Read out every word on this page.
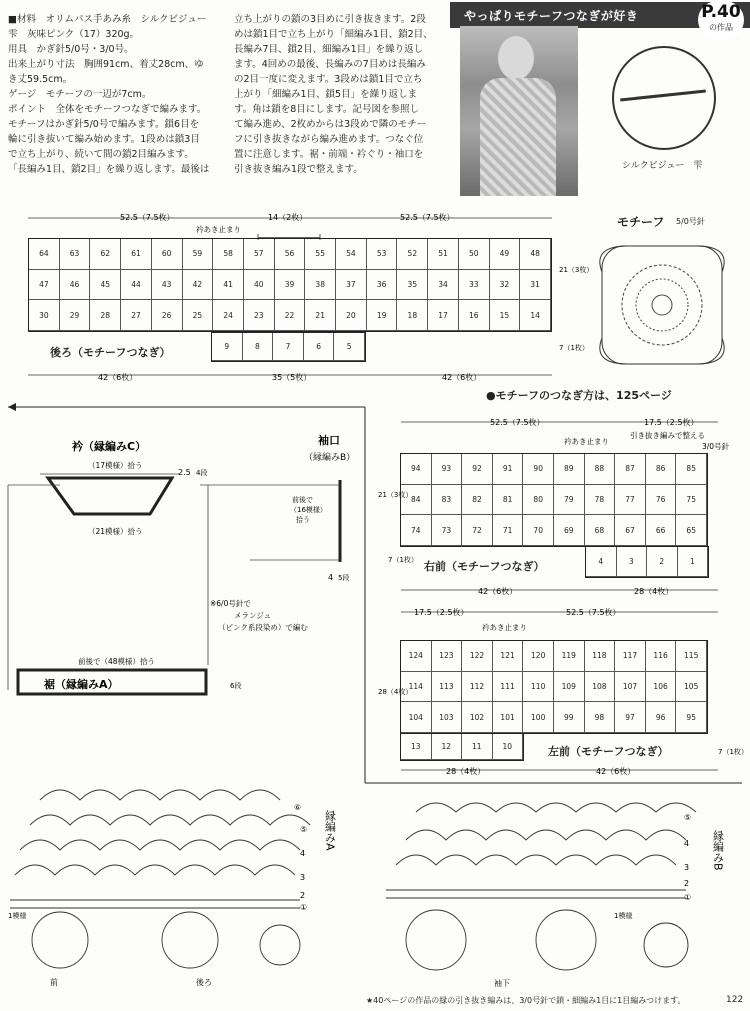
やっぱりモチーフつなぎが好き	P.40
の作品

■材料　オリムパス手あみ糸　シルクビジュー

雫　灰味ピンク（17）320g。

用具　かぎ針5/0号・3/0号。

出来上がり寸法　胸囲91cm、着丈28cm、ゆ

き丈59.5cm。

ゲージ　モチーフの一辺が7cm。

ポイント　全体をモチーフつなぎで編みます。

モチーフはかぎ針5/0号で編みます。鎖6目を

輪に引き抜いて編み始めます。1段めは鎖3目

で立ち上がり、続いて間の鎖2目編みます。

「長編み1目、鎖2目」を繰り返します。最後は

立ち上がりの鎖の3目めに引き抜きます。2段

めは鎖1目で立ち上がり「細編み1目、鎖2目、

長編み7目、鎖2目、細編み1目」を繰り返し

ます。4回めの最後、長編みの7目めは長編み

の2目一度に変えます。3段めは鎖1目で立ち

上がり「細編み1目、鎖5目」を繰り返しま

す。角は鎖を8目にします。記号図を参照し

て編み進め、2枚めからは3段めで隣のモチー

フに引き抜きながら編み進めます。つなぐ位

置に注意します。裾・前端・衿ぐり・袖口を

引き抜き編み1段で整えます。	シルクビジュー　雫
52.5（7.5枚）	14（2枚）	52.5（7.5枚）
衿あき止まり
21（3枚）
7（1枚）
42（6枚）	35（5枚）	42（6枚）
64	63	62	61	60	59	58	57	56	55	54	53	52	51	50	49	48
47	46	45	44	43	42	41	40	39	38	37	36	35	34	33	32	31
30	29	28	27	26	25	24	23	22	21	20	19	18	17	16	15	14
9	8	7	6	5
後ろ（モチーフつなぎ）
モチーフ 5/0号針
●モチーフのつなぎ方は、125ページ
52.5（7.5枚）	17.5（2.5枚）
引き抜き編みで整える
3/0号針
衿あき止まり
21（3枚）
7（1枚）
42（6枚）	28（4枚）
94	93	92	91	90	89	88	87	86	85
84	83	82	81	80	79	78	77	76	75
74	73	72	71	70	69	68	67	66	65
4	3	2	1
右前（モチーフつなぎ）
17.5（2.5枚）	52.5（7.5枚）
衿あき止まり
28（4枚）
7（1枚）
28（4枚）	42（6枚）
124	123	122	121	120	119	118	117	116	115
114	113	112	111	110	109	108	107	106	105
104	103	102	101	100	99	98	97	96	95
13	12	11	10	左前（モチーフつなぎ）
衿（縁編みC）
（17模様）拾う
2.5 4段
（21模様）拾う
袖口
（縁編みB）
前後で
（16模様）
拾う
4 5段
※6/0号針で
メランジュ
（ピンク系段染め）で編む
前後で（48模様）拾う
裾（縁編みA）	6段
縁編みA
⑥
⑤
4
3
2
①
1模様
前	後ろ
縁編みB
⑤
4
3
2
①
1模様
袖下
★40ページの作品の縁の引き抜き編みは、3/0号針で鎖・細編み1目に1目編みつけます。	122
